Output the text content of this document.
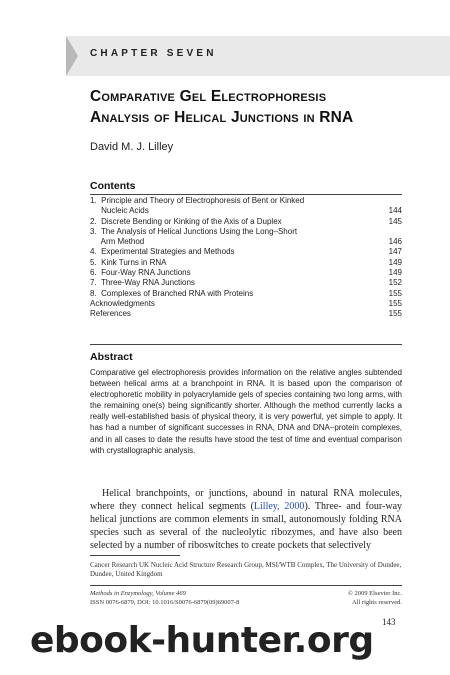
CHAPTER SEVEN
Comparative Gel Electrophoresis
Analysis of Helical Junctions in RNA
David M. J. Lilley
Contents
1.  Principle and Theory of Electrophoresis of Bent or Kinked
Nucleic Acids	144
2.  Discrete Bending or Kinking of the Axis of a Duplex	145
3.  The Analysis of Helical Junctions Using the Long–Short
Arm Method	146
4.  Experimental Strategies and Methods	147
5.  Kink Turns in RNA	149
6.  Four-Way RNA Junctions	149
7.  Three-Way RNA Junctions	152
8.  Complexes of Branched RNA with Proteins	155
Acknowledgments	155
References	155
Abstract
Comparative gel electrophoresis provides information on the relative angles subtended between helical arms at a branchpoint in RNA. It is based upon the comparison of electrophoretic mobility in polyacrylamide gels of species containing two long arms, with the remaining one(s) being significantly shorter. Although the method currently lacks a really well-established basis of physical theory, it is very powerful, yet simple to apply. It has had a number of significant successes in RNA, DNA and DNA–protein complexes, and in all cases to date the results have stood the test of time and eventual comparison with crystallographic analysis.
Helical branchpoints, or junctions, abound in natural RNA molecules, where they connect helical segments (Lilley, 2000). Three- and four-way helical junctions are common elements in small, autonomously folding RNA species such as several of the nucleolytic ribozymes, and have also been selected by a number of riboswitches to create pockets that selectively
Cancer Research UK Nucleic Acid Structure Research Group, MSI/WTB Complex, The University of Dundee, Dundee, United Kingdom
Methods in Enzymology, Volume 469	© 2009 Elsevier Inc.
ISSN 0076-6879, DOI: 10.1016/S0076-6879(09)69007-8	All rights reserved.
143
ebook-hunter.org
